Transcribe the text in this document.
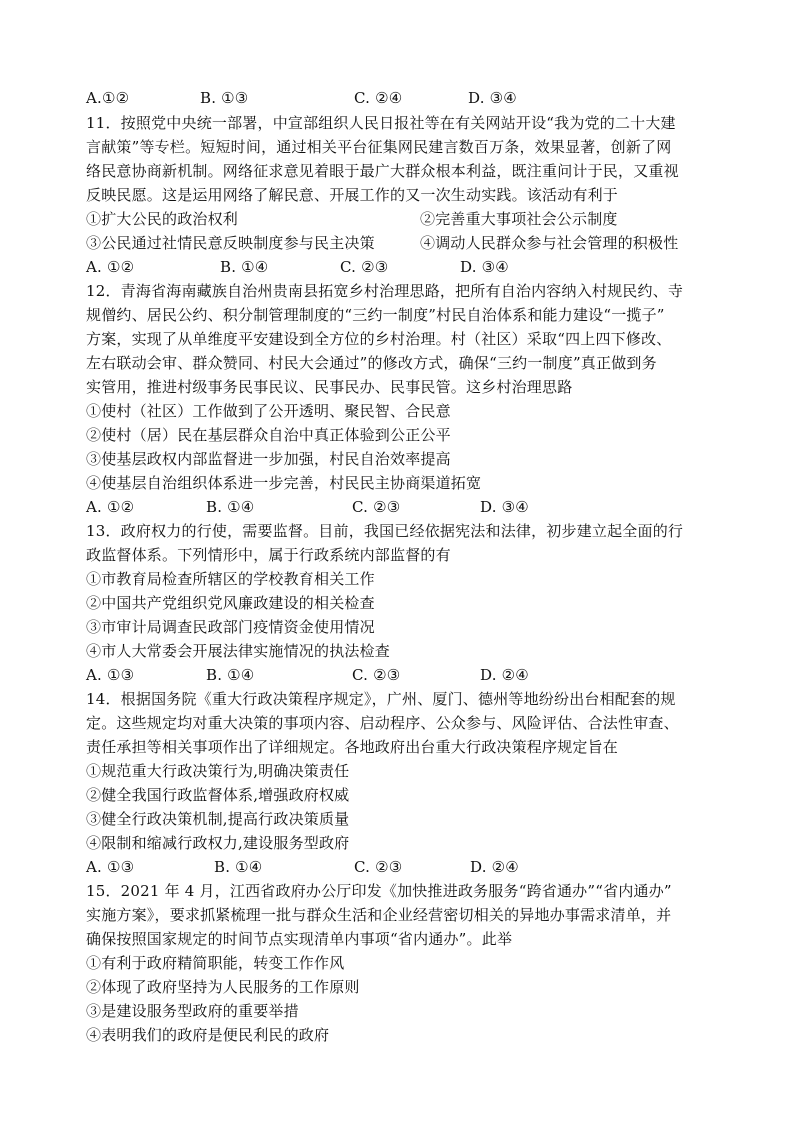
A.①②	B. ①③	C. ②④	D. ③④
11．按照党中央统一部署，中宣部组织人民日报社等在有关网站开设“我为党的二十大建
言献策”等专栏。短短时间，通过相关平台征集网民建言数百万条，效果显著，创新了网
络民意协商新机制。网络征求意见着眼于最广大群众根本利益，既注重问计于民，又重视
反映民愿。这是运用网络了解民意、开展工作的又一次生动实践。该活动有利于
①扩大公民的政治权利	②完善重大事项社会公示制度
③公民通过社情民意反映制度参与民主决策	④调动人民群众参与社会管理的积极性
A. ①②	B. ①④	C. ②③	D. ③④
12．青海省海南藏族自治州贵南县拓宽乡村治理思路，把所有自治内容纳入村规民约、寺
规僧约、居民公约、积分制管理制度的“三约一制度”村民自治体系和能力建设“一揽子”
方案，实现了从单维度平安建设到全方位的乡村治理。村（社区）采取“四上四下修改、
左右联动会审、群众赞同、村民大会通过”的修改方式，确保“三约一制度”真正做到务
实管用，推进村级事务民事民议、民事民办、民事民管。这乡村治理思路
①使村（社区）工作做到了公开透明、聚民智、合民意
②使村（居）民在基层群众自治中真正体验到公正公平
③使基层政权内部监督进一步加强，村民自治效率提高
④使基层自治组织体系进一步完善，村民民主协商渠道拓宽
A. ①②	B. ①④	C. ②③	D. ③④
13．政府权力的行使，需要监督。目前，我国已经依据宪法和法律，初步建立起全面的行
政监督体系。下列情形中，属于行政系统内部监督的有
①市教育局检查所辖区的学校教育相关工作
②中国共产党组织党风廉政建设的相关检查
③市审计局调查民政部门疫情资金使用情况
④市人大常委会开展法律实施情况的执法检查
A. ①③	B. ①④	C. ②③	D. ②④
14．根据国务院《重大行政决策程序规定》，广州、厦门、德州等地纷纷出台相配套的规
定。这些规定均对重大决策的事项内容、启动程序、公众参与、风险评估、合法性审查、
责任承担等相关事项作出了详细规定。各地政府出台重大行政决策程序规定旨在
①规范重大行政决策行为,明确决策责任
②健全我国行政监督体系,增强政府权威
③健全行政决策机制,提高行政决策质量
④限制和缩减行政权力,建设服务型政府
A. ①③	B. ①④	C. ②③	D. ②④
15．2021 年 4 月，江西省政府办公厅印发《加快推进政务服务“跨省通办”“省内通办”
实施方案》，要求抓紧梳理一批与群众生活和企业经营密切相关的异地办事需求清单，并
确保按照国家规定的时间节点实现清单内事项“省内通办”。此举
①有利于政府精简职能，转变工作作风
②体现了政府坚持为人民服务的工作原则
③是建设服务型政府的重要举措
④表明我们的政府是便民利民的政府
